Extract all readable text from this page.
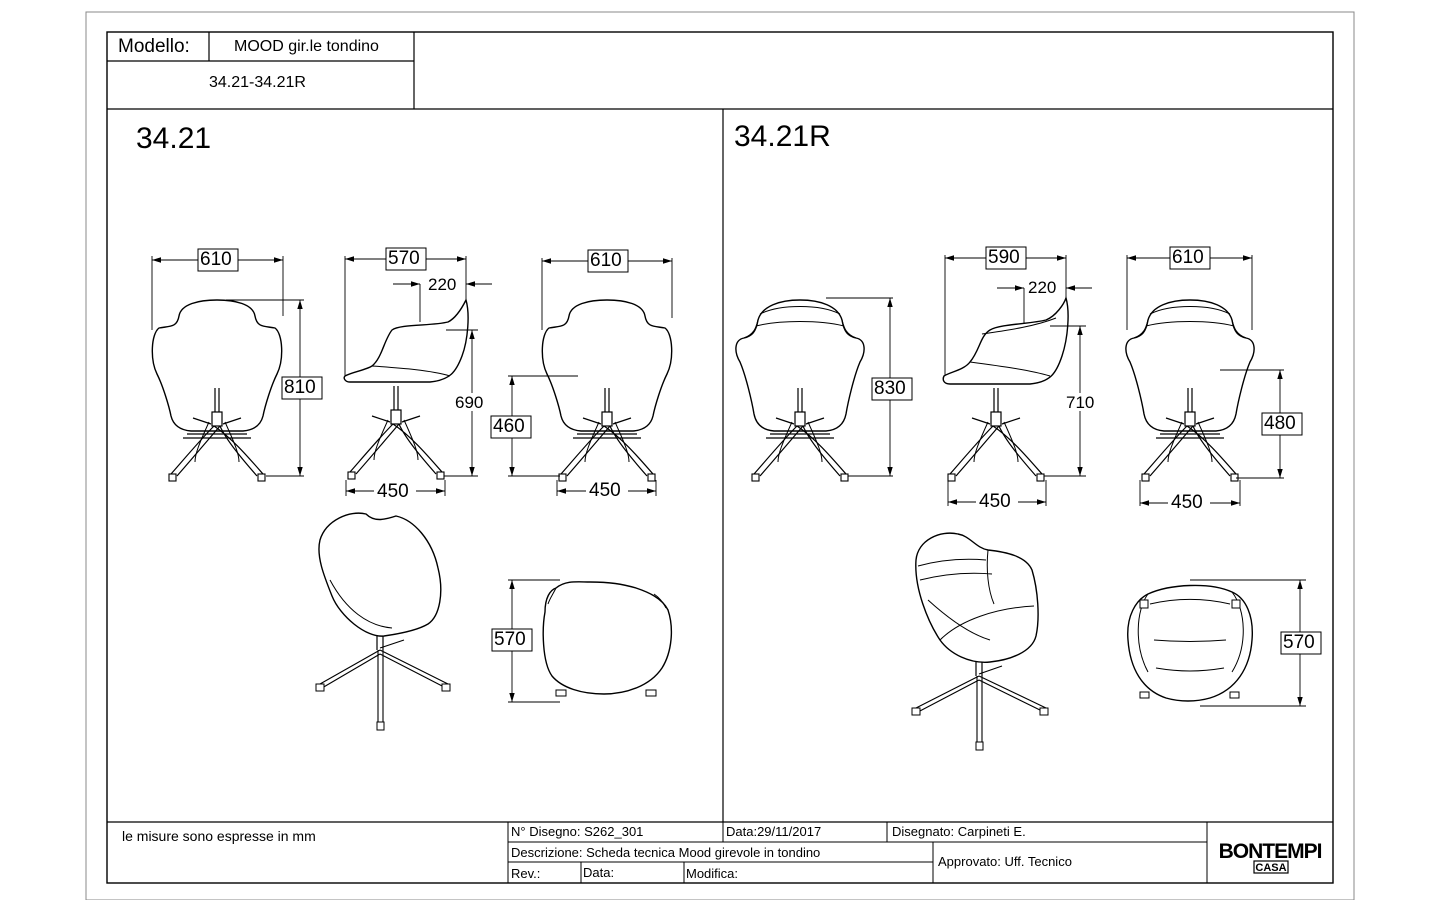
BONTEMPI
CASA
Modello:	MOOD gir.le tondino
34.21-34.21R
34.21	34.21R
610
810
570
220
690
450
610
460
450
570
830
590
220
710
450
610
480
450
570
le misure sono espresse in mm	N° Disegno: S262_301	Data:29/11/2017	Disegnato: Carpineti E.
Descrizione: Scheda tecnica Mood girevole in tondino
Approvato: Uff. Tecnico
Rev.:	Data:	Modifica:
